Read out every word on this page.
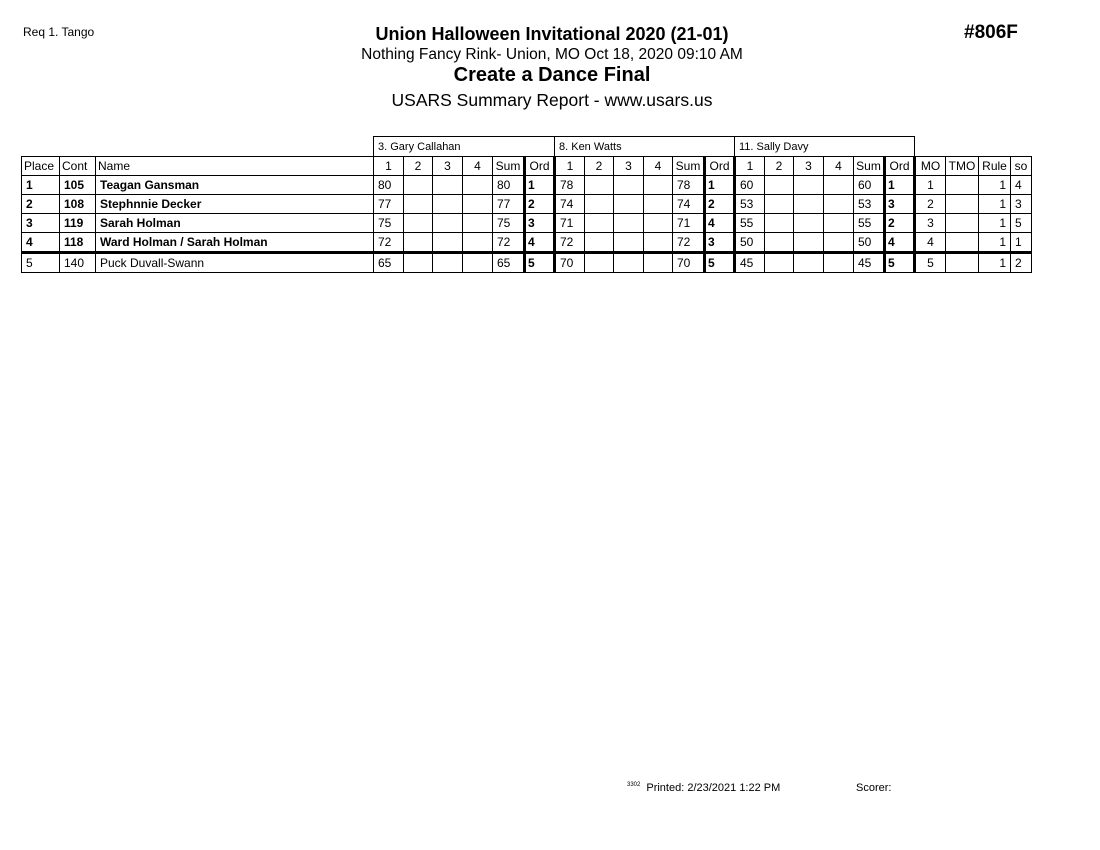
Req 1. Tango	#806F
Union Halloween Invitational 2020 (21-01)
Nothing Fancy Rink- Union, MO Oct 18, 2020 09:10 AM
Create a Dance Final
USARS Summary Report - www.usars.us
			3. Gary Callahan						8. Ken Watts						11. Sally Davy									
Place	Cont	Name	1	2	3	4	Sum	Ord	1	2	3	4	Sum	Ord	1	2	3	4	Sum	Ord	MO	TMO	Rule	so
1	105	Teagan Gansman	80				80	1	78				78	1	60				60	1	1		1	4
2	108	Stephnnie Decker	77				77	2	74				74	2	53				53	3	2		1	3
3	119	Sarah Holman	75				75	3	71				71	4	55				55	2	3		1	5
4	118	Ward Holman / Sarah Holman	72				72	4	72				72	3	50				50	4	4		1	1
5	140	Puck Duvall-Swann	65				65	5	70				70	5	45				45	5	5		1	2
$^{3302}$ Printed: 2/23/2021 1:22 PM	Scorer:
